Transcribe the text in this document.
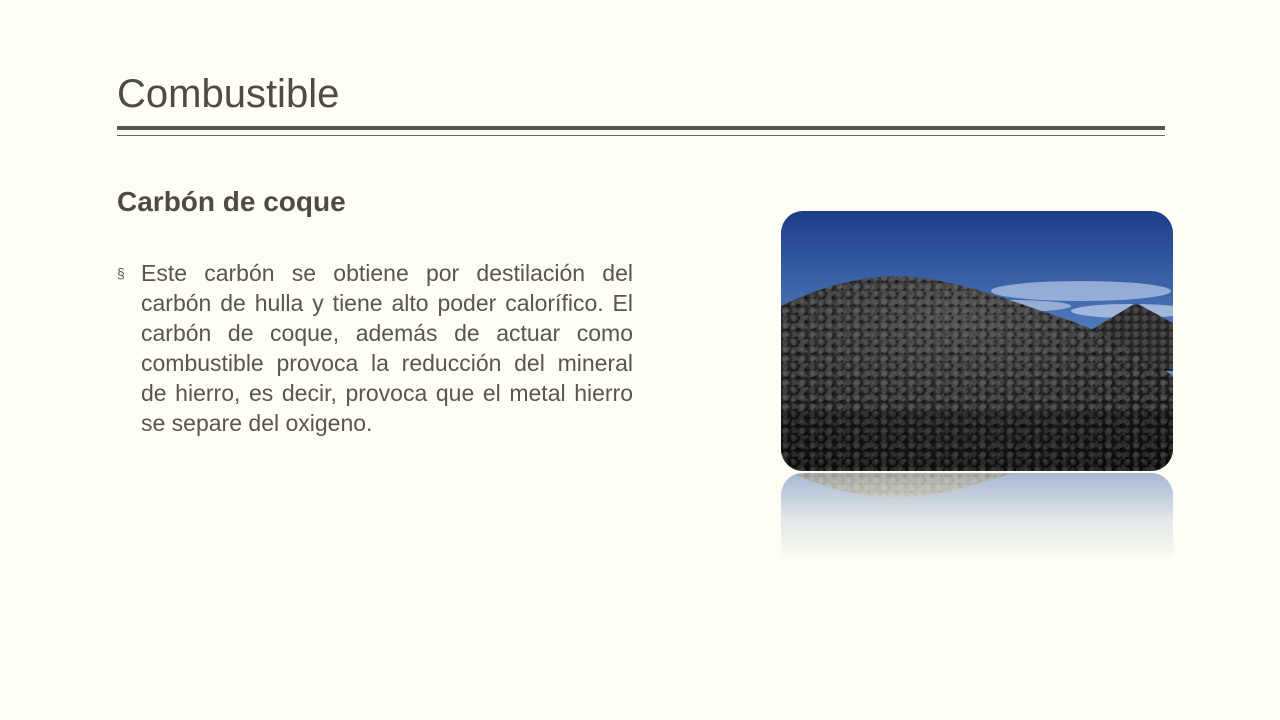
Combustible
Carbón de coque
§ Este carbón se obtiene por destilación del carbón de hulla y tiene alto poder calorífico. El carbón de coque, además de actuar como combustible provoca la reducción del mineral de hierro, es decir, provoca que el metal hierro se separe del oxigeno.
